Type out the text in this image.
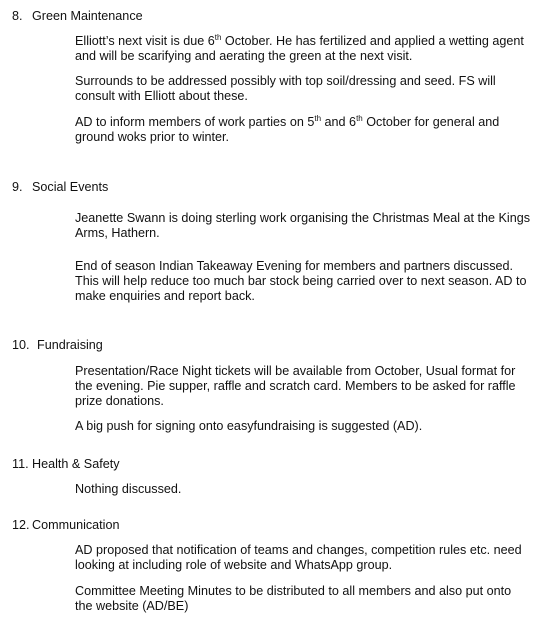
8. Green Maintenance
Elliott’s next visit is due 6th October. He has fertilized and applied a wetting agent and will be scarifying and aerating the green at the next visit.
Surrounds to be addressed possibly with top soil/dressing and seed. FS will consult with Elliott about these.
AD to inform members of work parties on 5th and 6th October for general and ground woks prior to winter.
9. Social Events
Jeanette Swann is doing sterling work organising the Christmas Meal at the Kings Arms, Hathern.
End of season Indian Takeaway Evening for members and partners discussed. This will help reduce too much bar stock being carried over to next season. AD to make enquiries and report back.
10. Fundraising
Presentation/Race Night tickets will be available from October, Usual format for the evening. Pie supper, raffle and scratch card. Members to be asked for raffle prize donations.
A big push for signing onto easyfundraising is suggested (AD).
11. Health & Safety
Nothing discussed.
12. Communication
AD proposed that notification of teams and changes, competition rules etc. need looking at including role of website and WhatsApp group.
Committee Meeting Minutes to be distributed to all members and also put onto the website (AD/BE)
